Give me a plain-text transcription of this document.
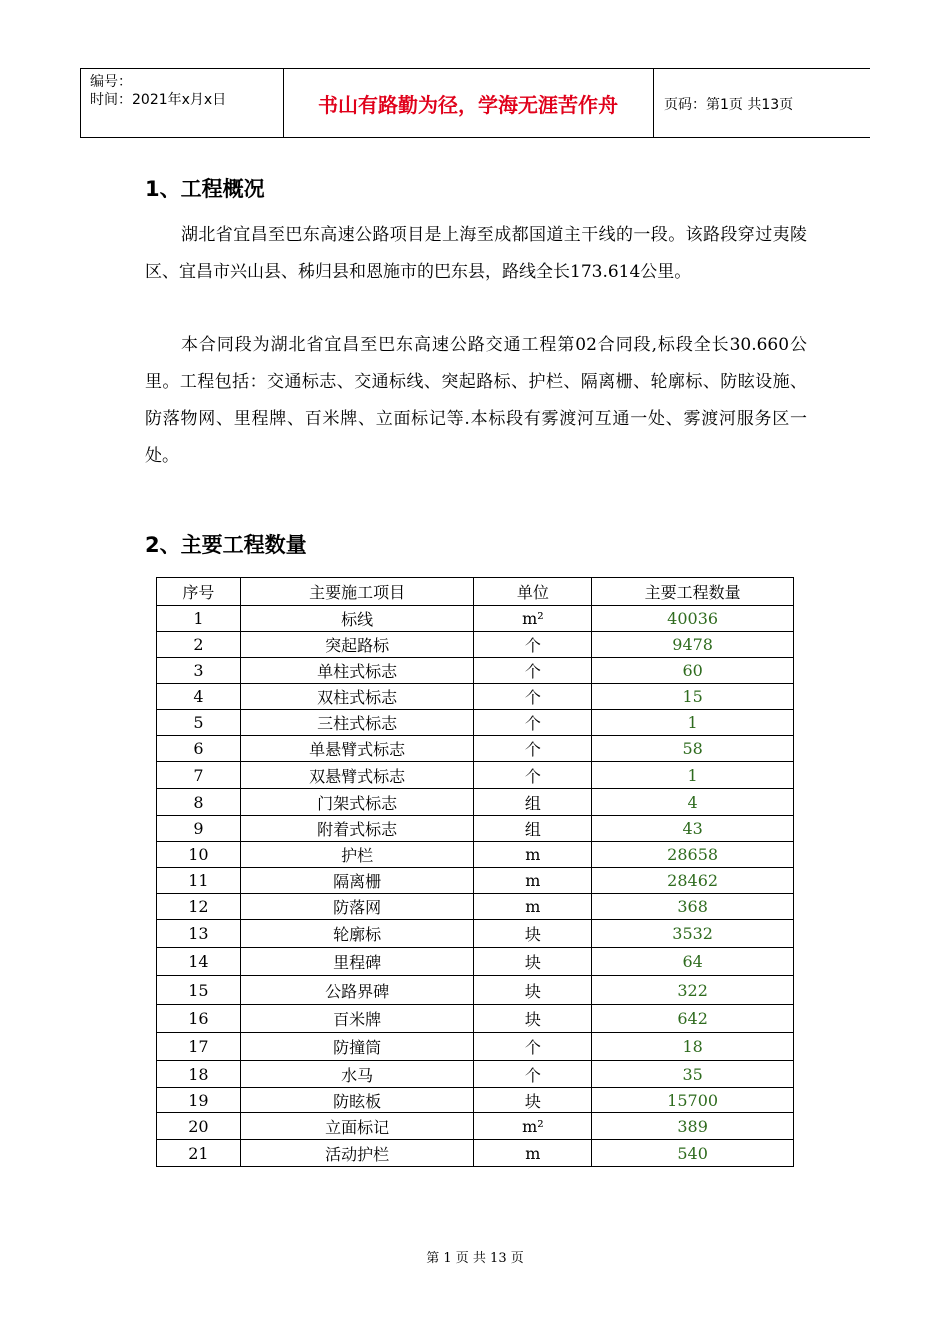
编号：
时间：2021年x月x日	书山有路勤为径，学海无涯苦作舟	页码：第1页 共13页
1、工程概况

湖北省宜昌至巴东高速公路项目是上海至成都国道主干线的一段。该路段穿过夷陵区、宜昌市兴山县、秭归县和恩施市的巴东县，路线全长173.614公里。

本合同段为湖北省宜昌至巴东高速公路交通工程第02合同段,标段全长30.660公里。工程包括：交通标志、交通标线、突起路标、护栏、隔离栅、轮廓标、防眩设施、防落物网、里程牌、百米牌、立面标记等.本标段有雾渡河互通一处、雾渡河服务区一处。

2、主要工程数量
序号	主要施工项目	单位	主要工程数量
1	标线	m²	40036
2	突起路标	个	9478
3	单柱式标志	个	60
4	双柱式标志	个	15
5	三柱式标志	个	1
6	单悬臂式标志	个	58
7	双悬臂式标志	个	1
8	门架式标志	组	4
9	附着式标志	组	43
10	护栏	m	28658
11	隔离栅	m	28462
12	防落网	m	368
13	轮廓标	块	3532
14	里程碑	块	64
15	公路界碑	块	322
16	百米牌	块	642
17	防撞筒	个	18
18	水马	个	35
19	防眩板	块	15700
20	立面标记	m²	389
21	活动护栏	m	540
第 1 页 共 13 页
